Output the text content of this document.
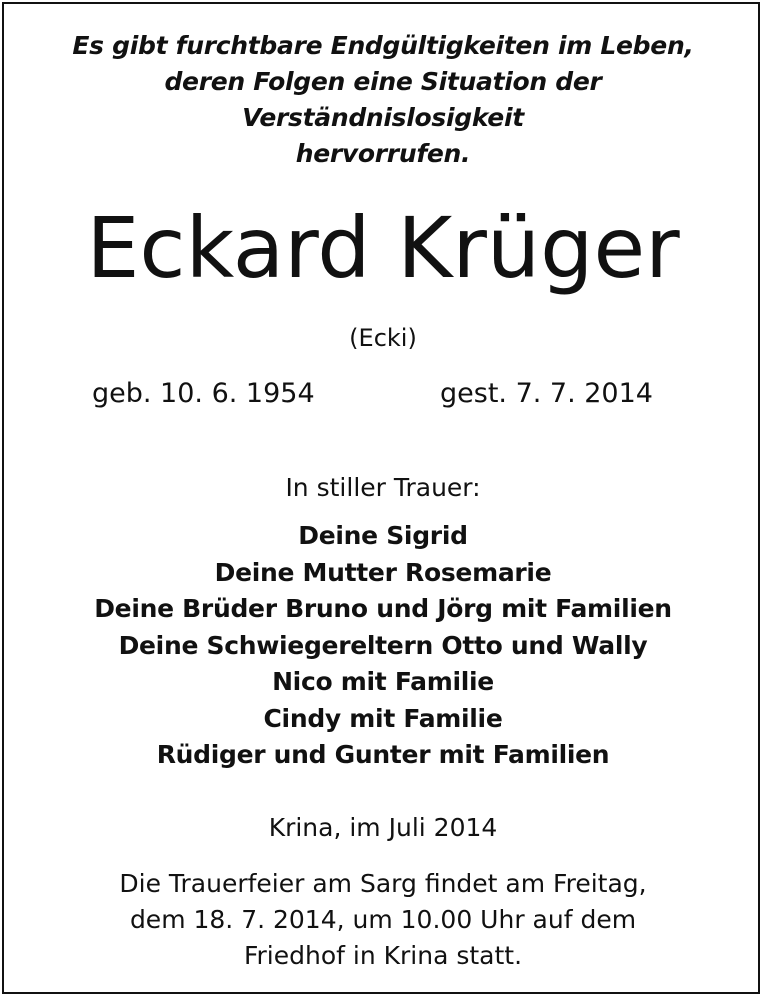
Es gibt furchtbare Endgültigkeiten im Leben,
deren Folgen eine Situation der
Verständnislosigkeit
hervorrufen.
Eckard Krüger
(Ecki)
geb. 10. 6. 1954	gest. 7. 7. 2014
In stiller Trauer:
Deine Sigrid
Deine Mutter Rosemarie
Deine Brüder Bruno und Jörg mit Familien
Deine Schwiegereltern Otto und Wally
Nico mit Familie
Cindy mit Familie
Rüdiger und Gunter mit Familien
Krina, im Juli 2014
Die Trauerfeier am Sarg findet am Freitag,
dem 18. 7. 2014, um 10.00 Uhr auf dem
Friedhof in Krina statt.
